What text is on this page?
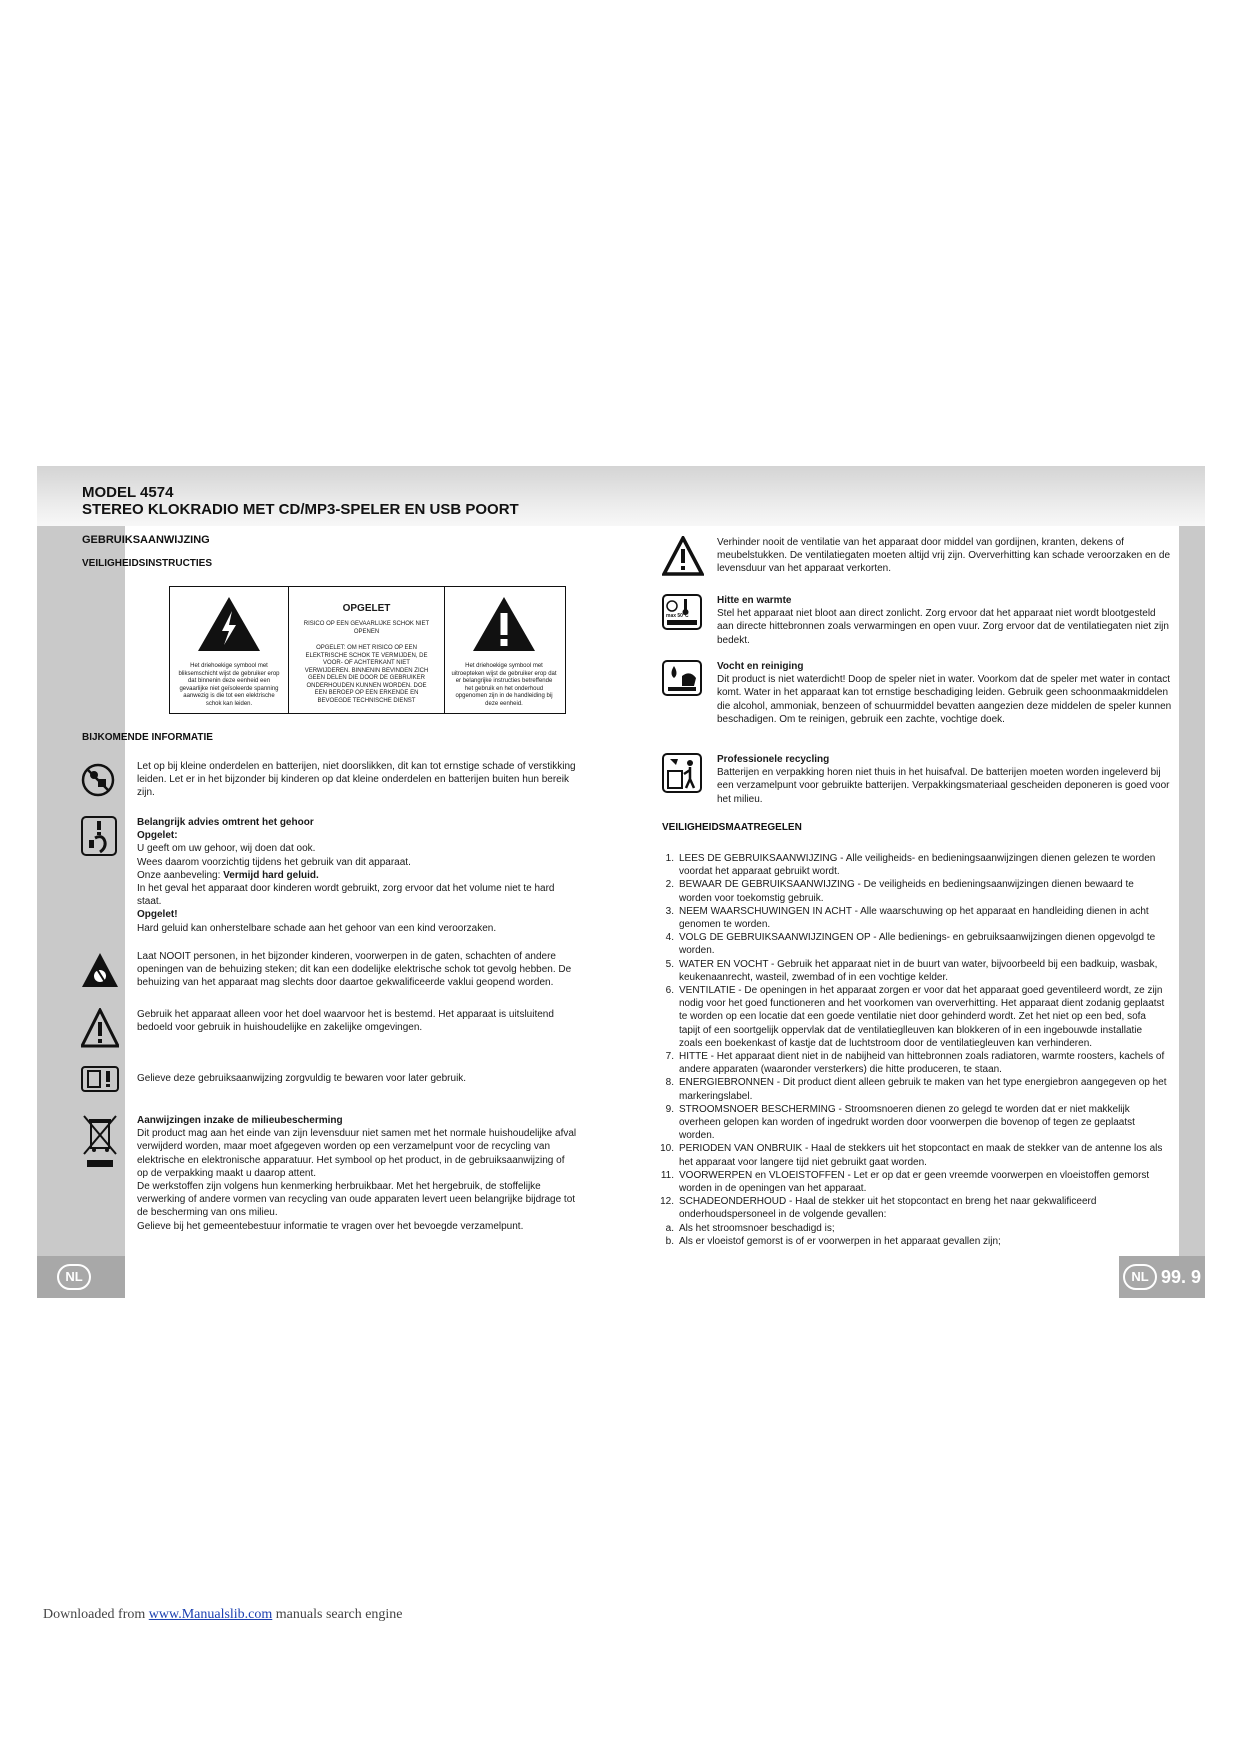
MODEL 4574
STEREO KLOKRADIO MET CD/MP3-SPELER EN USB POORT
NL	NL 99. 9

GEBRUIKSAANWIJZING

VEILIGHEIDSINSTRUCTIES

Het driehoekige symbool met bliksemschicht wijst de gebruiker erop dat binnenin deze eenheid een gevaarlijke niet geïsoleerde spanning aanwezig is die tot een elektrische schok kan leiden.

OPGELET

RISICO OP EEN GEVAARLIJKE SCHOK NIET OPENEN

OPGELET: OM HET RISICO OP EEN ELEKTRISCHE SCHOK TE VERMIJDEN, DE VOOR- OF ACHTERKANT NIET VERWIJDEREN. BINNENIN BEVINDEN ZICH GEEN DELEN DIE DOOR DE GEBRUIKER ONDERHOUDEN KUNNEN WORDEN. DOE EEN BEROEP OP EEN ERKENDE EN BEVOEGDE TECHNISCHE DIENST

Het driehoekige symbool met uitroepteken wijst de gebruiker erop dat er belangrijke instructies betreffende het gebruik en het onderhoud opgenomen zijn in de handleiding bij deze eenheid.

BIJKOMENDE INFORMATIE

Let op bij kleine onderdelen en batterijen, niet doorslikken, dit kan tot ernstige schade of verstikking leiden. Let er in het bijzonder bij kinderen op dat kleine onderdelen en batterijen buiten hun bereik zijn.

Belangrijk advies omtrent het gehoor

Opgelet:

U geeft om uw gehoor, wij doen dat ook.

Wees daarom voorzichtig tijdens het gebruik van dit apparaat.

Onze aanbeveling: Vermijd hard geluid.

In het geval het apparaat door kinderen wordt gebruikt, zorg ervoor dat het volume niet te hard staat.

Opgelet!

Hard geluid kan onherstelbare schade aan het gehoor van een kind veroorzaken.

Laat NOOIT personen, in het bijzonder kinderen, voorwerpen in de gaten, schachten of andere openingen van de behuizing steken; dit kan een dodelijke elektrische schok tot gevolg hebben. De behuizing van het apparaat mag slechts door daartoe gekwalificeerde vaklui geopend worden.

Gebruik het apparaat alleen voor het doel waarvoor het is bestemd. Het apparaat is uitsluitend bedoeld voor gebruik in huishoudelijke en zakelijke omgevingen.

Gelieve deze gebruiksaanwijzing zorgvuldig te bewaren voor later gebruik.

Aanwijzingen inzake de milieubescherming

Dit product mag aan het einde van zijn levensduur niet samen met het normale huishoudelijke afval verwijderd worden, maar moet afgegeven worden op een verzamelpunt voor de recycling van elektrische en elektronische apparatuur. Het symbool op het product, in de gebruiksaanwijzing of op de verpakking maakt u daarop attent.

De werkstoffen zijn volgens hun kenmerking herbruikbaar. Met het hergebruik, de stoffelijke verwerking of andere vormen van recycling van oude apparaten levert ueen belangrijke bijdrage tot de bescherming van ons milieu.

Gelieve bij het gemeentebestuur informatie te vragen over het bevoegde verzamelpunt.

Verhinder nooit de ventilatie van het apparaat door middel van gordijnen, kranten, dekens of meubelstukken. De ventilatiegaten moeten altijd vrij zijn. Oververhitting kan schade veroorzaken en de levensduur van het apparaat verkorten.

max 50°C

Hitte en warmte

Stel het apparaat niet bloot aan direct zonlicht. Zorg ervoor dat het apparaat niet wordt blootgesteld aan directe hittebronnen zoals verwarmingen en open vuur. Zorg ervoor dat de ventilatiegaten niet zijn bedekt.

Vocht en reiniging

Dit product is niet waterdicht! Doop de speler niet in water. Voorkom dat de speler met water in contact komt. Water in het apparaat kan tot ernstige beschadiging leiden. Gebruik geen schoonmaakmiddelen die alcohol, ammoniak, benzeen of schuurmiddel bevatten aangezien deze middelen de speler kunnen beschadigen. Om te reinigen, gebruik een zachte, vochtige doek.

Professionele recycling

Batterijen en verpakking horen niet thuis in het huisafval. De batterijen moeten worden ingeleverd bij een verzamelpunt voor gebruikte batterijen. Verpakkingsmateriaal gescheiden deponeren is goed voor het milieu.

VEILIGHEIDSMAATREGELEN

1. LEES DE GEBRUIKSAANWIJZING - Alle veiligheids- en bedieningsaanwijzingen dienen gelezen te worden voordat het apparaat gebruikt wordt.
2. BEWAAR DE GEBRUIKSAANWIJZING - De veiligheids en bedieningsaanwijzingen dienen bewaard te worden voor toekomstig gebruik.
3. NEEM WAARSCHUWINGEN IN ACHT - Alle waarschuwing op het apparaat en handleiding dienen in acht genomen te worden.
4. VOLG DE GEBRUIKSAANWIJZINGEN OP - Alle bedienings- en gebruiksaanwijzingen dienen opgevolgd te worden.
5. WATER EN VOCHT - Gebruik het apparaat niet in de buurt van water, bijvoorbeeld bij een badkuip, wasbak, keukenaanrecht, wasteil, zwembad of in een vochtige kelder.
6. VENTILATIE - De openingen in het apparaat zorgen er voor dat het apparaat goed geventileerd wordt, ze zijn nodig voor het goed functioneren and het voorkomen van oververhitting. Het apparaat dient zodanig geplaatst te worden op een locatie dat een goede ventilatie niet door gehinderd wordt. Zet het niet op een bed, sofa tapijt of een soortgelijk oppervlak dat de ventilatieglleuven kan blokkeren of in een ingebouwde installatie zoals een boekenkast of kastje dat de luchtstroom door de ventilatiegleuven kan verhinderen.
7. HITTE - Het apparaat dient niet in de nabijheid van hittebronnen zoals radiatoren, warmte roosters, kachels of andere apparaten (waaronder versterkers) die hitte produceren, te staan.
8. ENERGIEBRONNEN - Dit product dient alleen gebruik te maken van het type energiebron aangegeven op het markeringslabel.
9. STROOMSNOER BESCHERMING - Stroomsnoeren dienen zo gelegd te worden dat er niet makkelijk overheen gelopen kan worden of ingedrukt worden door voorwerpen die bovenop of tegen ze geplaatst worden.
10. PERIODEN VAN ONBRUIK - Haal de stekkers uit het stopcontact en maak de stekker van de antenne los als het apparaat voor langere tijd niet gebruikt gaat worden.
11. VOORWERPEN en VLOEISTOFFEN - Let er op dat er geen vreemde voorwerpen en vloeistoffen gemorst worden in de openingen van het apparaat.
12. SCHADEONDERHOUD - Haal de stekker uit het stopcontact en breng het naar gekwalificeerd onderhoudspersoneel in de volgende gevallen:
a. Als het stroomsnoer beschadigd is;
b. Als er vloeistof gemorst is of er voorwerpen in het apparaat gevallen zijn;
Downloaded from www.Manualslib.com manuals search engine
